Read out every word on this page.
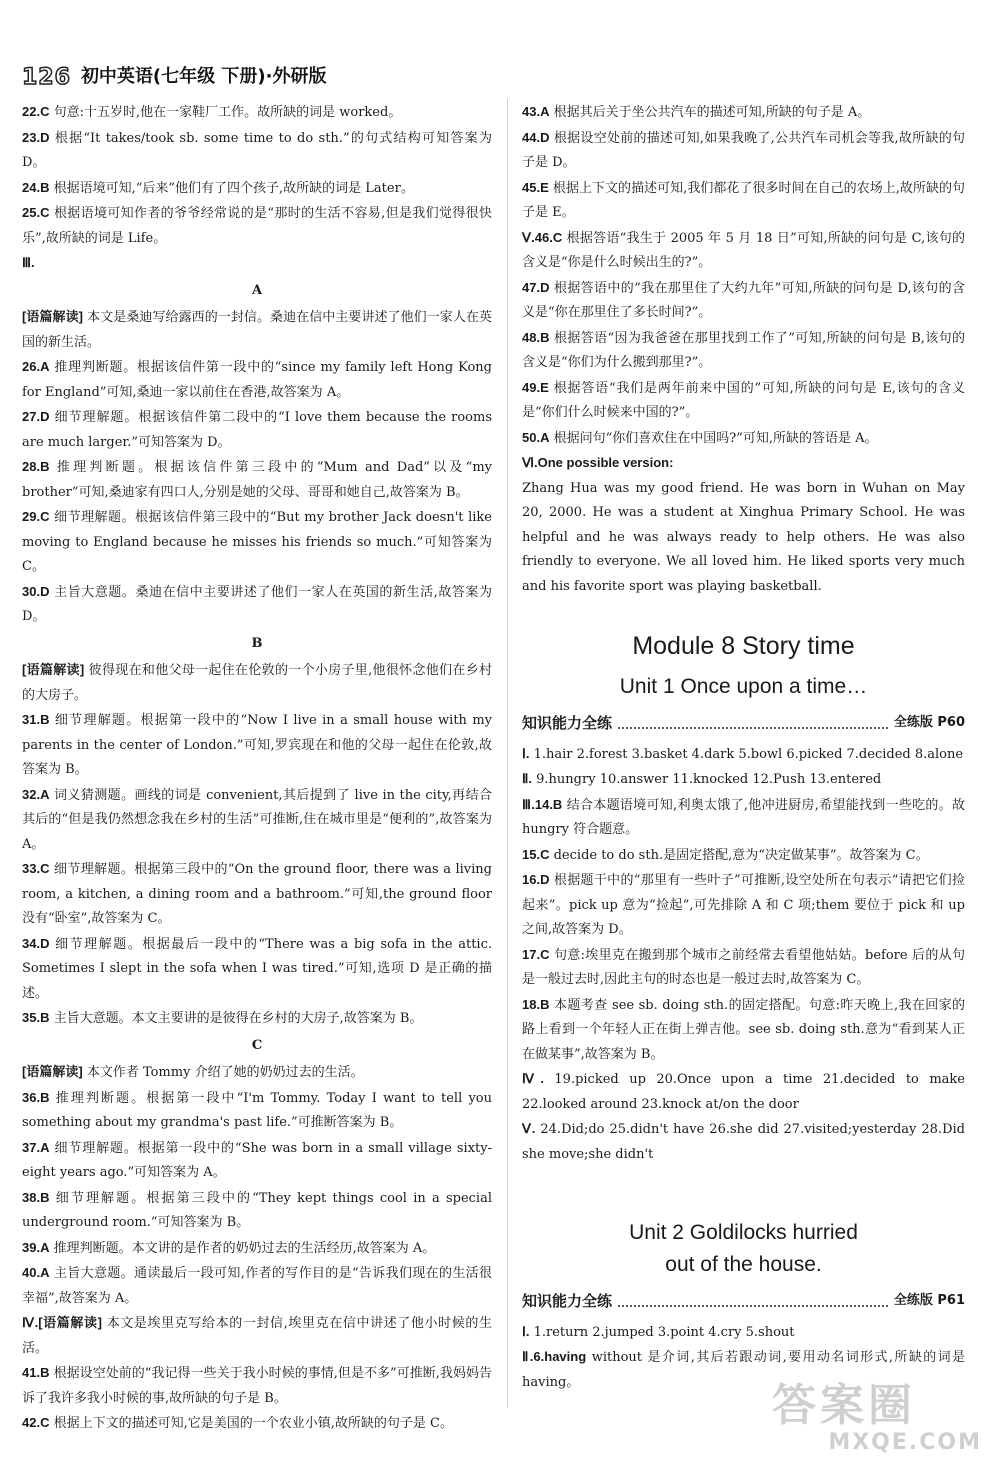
126 初中英语(七年级 下册)·外研版

22.C 句意:十五岁时,他在一家鞋厂工作。故所缺的词是 worked。

23.D 根据“It takes/took sb. some time to do sth.”的句式结构可知答案为 D。

24.B 根据语境可知,“后来”他们有了四个孩子,故所缺的词是 Later。

25.C 根据语境可知作者的爷爷经常说的是“那时的生活不容易,但是我们觉得很快乐”,故所缺的词是 Life。

Ⅲ.

A

[语篇解读] 本文是桑迪写给露西的一封信。桑迪在信中主要讲述了他们一家人在英国的新生活。

26.A 推理判断题。根据该信件第一段中的“since my family left Hong Kong for England”可知,桑迪一家以前住在香港,故答案为 A。

27.D 细节理解题。根据该信件第二段中的“I love them because the rooms are much larger.”可知答案为 D。

28.B 推理判断题。根据该信件第三段中的“Mum and Dad”以及“my brother”可知,桑迪家有四口人,分别是她的父母、哥哥和她自己,故答案为 B。

29.C 细节理解题。根据该信件第三段中的“But my brother Jack doesn't like moving to England because he misses his friends so much.”可知答案为 C。

30.D 主旨大意题。桑迪在信中主要讲述了他们一家人在英国的新生活,故答案为 D。

B

[语篇解读] 彼得现在和他父母一起住在伦敦的一个小房子里,他很怀念他们在乡村的大房子。

31.B 细节理解题。根据第一段中的“Now I live in a small house with my parents in the center of London.”可知,罗宾现在和他的父母一起住在伦敦,故答案为 B。

32.A 词义猜测题。画线的词是 convenient,其后提到了 live in the city,再结合其后的“但是我仍然想念我在乡村的生活”可推断,住在城市里是“便利的”,故答案为 A。

33.C 细节理解题。根据第三段中的“On the ground floor, there was a living room, a kitchen, a dining room and a bathroom.”可知,the ground floor 没有“卧室”,故答案为 C。

34.D 细节理解题。根据最后一段中的“There was a big sofa in the attic. Sometimes I slept in the sofa when I was tired.”可知,选项 D 是正确的描述。

35.B 主旨大意题。本文主要讲的是彼得在乡村的大房子,故答案为 B。

C

[语篇解读] 本文作者 Tommy 介绍了她的奶奶过去的生活。

36.B 推理判断题。根据第一段中“I'm Tommy. Today I want to tell you something about my grandma's past life.”可推断答案为 B。

37.A 细节理解题。根据第一段中的“She was born in a small village sixty-eight years ago.”可知答案为 A。

38.B 细节理解题。根据第三段中的“They kept things cool in a special underground room.”可知答案为 B。

39.A 推理判断题。本文讲的是作者的奶奶过去的生活经历,故答案为 A。

40.A 主旨大意题。通读最后一段可知,作者的写作目的是“告诉我们现在的生活很幸福”,故答案为 A。

Ⅳ.[语篇解读] 本文是埃里克写给本的一封信,埃里克在信中讲述了他小时候的生活。

41.B 根据设空处前的“我记得一些关于我小时候的事情,但是不多”可推断,我妈妈告诉了我许多我小时候的事,故所缺的句子是 B。

42.C 根据上下文的描述可知,它是美国的一个农业小镇,故所缺的句子是 C。

43.A 根据其后关于坐公共汽车的描述可知,所缺的句子是 A。

44.D 根据设空处前的描述可知,如果我晚了,公共汽车司机会等我,故所缺的句子是 D。

45.E 根据上下文的描述可知,我们都花了很多时间在自己的农场上,故所缺的句子是 E。

Ⅴ.46.C 根据答语“我生于 2005 年 5 月 18 日”可知,所缺的问句是 C,该句的含义是“你是什么时候出生的?”。

47.D 根据答语中的“我在那里住了大约九年”可知,所缺的问句是 D,该句的含义是“你在那里住了多长时间?”。

48.B 根据答语“因为我爸爸在那里找到工作了”可知,所缺的问句是 B,该句的含义是“你们为什么搬到那里?”。

49.E 根据答语“我们是两年前来中国的”可知,所缺的问句是 E,该句的含义是“你们什么时候来中国的?”。

50.A 根据问句“你们喜欢住在中国吗?”可知,所缺的答语是 A。

Ⅵ.One possible version:

Zhang Hua was my good friend. He was born in Wuhan on May 20, 2000. He was a student at Xinghua Primary School. He was helpful and he was always ready to help others. He was also friendly to everyone. We all loved him. He liked sports very much and his favorite sport was playing basketball.

Module 8 Story time
Unit 1 Once upon a time…
知识能力全练	全练版 P60

Ⅰ. 1.hair 2.forest 3.basket 4.dark 5.bowl 6.picked 7.decided 8.alone

Ⅱ. 9.hungry 10.answer 11.knocked 12.Push 13.entered

Ⅲ.14.B 结合本题语境可知,利奥太饿了,他冲进厨房,希望能找到一些吃的。故 hungry 符合题意。

15.C decide to do sth.是固定搭配,意为“决定做某事”。故答案为 C。

16.D 根据题干中的“那里有一些叶子”可推断,设空处所在句表示“请把它们捡起来”。pick up 意为“捡起”,可先排除 A 和 C 项;them 要位于 pick 和 up 之间,故答案为 D。

17.C 句意:埃里克在搬到那个城市之前经常去看望他姑姑。before 后的从句是一般过去时,因此主句的时态也是一般过去时,故答案为 C。

18.B 本题考查 see sb. doing sth.的固定搭配。句意:昨天晚上,我在回家的路上看到一个年轻人正在街上弹吉他。see sb. doing sth.意为“看到某人正在做某事”,故答案为 B。

Ⅳ. 19.picked up 20.Once upon a time 21.decided to make 22.looked around 23.knock at/on the door

Ⅴ. 24.Did;do 25.didn't have 26.she did 27.visited;yesterday 28.Did she move;she didn't

Unit 2 Goldilocks hurried
out of the house.
知识能力全练	全练版 P61

Ⅰ. 1.return 2.jumped 3.point 4.cry 5.shout

Ⅱ.6.having without 是介词,其后若跟动词,要用动名词形式,所缺的词是 having。	答案圈
MXQE.COM
